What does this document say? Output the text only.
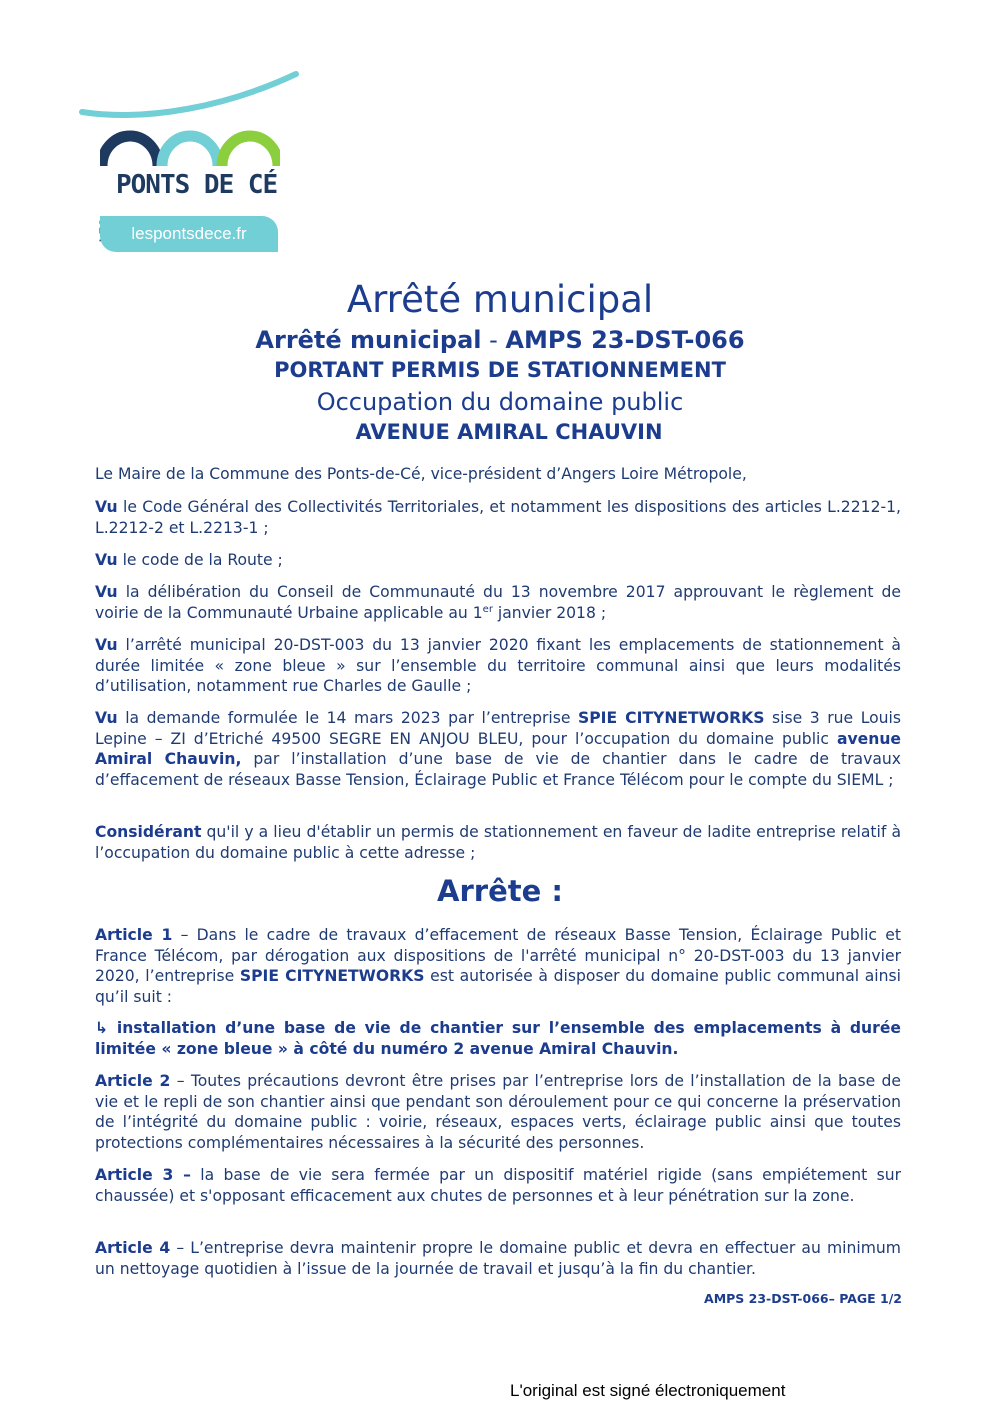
PONTS DE CÉ
lespontsdece.fr
Arrêté municipal
Arrêté municipal - AMPS 23-DST-066
PORTANT PERMIS DE STATIONNEMENT
Occupation du domaine public
AVENUE AMIRAL CHAUVIN
Le Maire de la Commune des Ponts-de-Cé, vice-président d’Angers Loire Métropole,
Vu le Code Général des Collectivités Territoriales, et notamment les dispositions des articles L.2212-1, L.2212-2 et L.2213-1 ;
Vu le code de la Route ;
Vu la délibération du Conseil de Communauté du 13 novembre 2017 approuvant le règlement de voirie de la Communauté Urbaine applicable au 1er janvier 2018 ;
Vu l’arrêté municipal 20-DST-003 du 13 janvier 2020 fixant les emplacements de stationnement à durée limitée « zone bleue » sur l’ensemble du territoire communal ainsi que leurs modalités d’utilisation, notamment rue Charles de Gaulle ;
Vu la demande formulée le 14 mars 2023 par l’entreprise SPIE CITYNETWORKS sise 3 rue Louis Lepine – ZI d’Etriché 49500 SEGRE EN ANJOU BLEU, pour l’occupation du domaine public avenue Amiral Chauvin, par l’installation d’une base de vie de chantier dans le cadre de travaux d’effacement de réseaux Basse Tension, Éclairage Public et France Télécom pour le compte du SIEML ;
Considérant qu'il y a lieu d'établir un permis de stationnement en faveur de ladite entreprise relatif à l’occupation du domaine public à cette adresse ;
Arrête :
Article 1 – Dans le cadre de travaux d’effacement de réseaux Basse Tension, Éclairage Public et France Télécom, par dérogation aux dispositions de l'arrêté municipal n° 20-DST-003 du 13 janvier 2020, l’entreprise SPIE CITYNETWORKS est autorisée à disposer du domaine public communal ainsi qu’il suit :
↳ installation d’une base de vie de chantier sur l’ensemble des emplacements à durée limitée « zone bleue » à côté du numéro 2 avenue Amiral Chauvin.
Article 2 – Toutes précautions devront être prises par l’entreprise lors de l’installation de la base de vie et le repli de son chantier ainsi que pendant son déroulement pour ce qui concerne la préservation de l’intégrité du domaine public : voirie, réseaux, espaces verts, éclairage public ainsi que toutes protections complémentaires nécessaires à la sécurité des personnes.
Article 3 – la base de vie sera fermée par un dispositif matériel rigide (sans empiétement sur chaussée) et s'opposant efficacement aux chutes de personnes et à leur pénétration sur la zone.
Article 4 – L’entreprise devra maintenir propre le domaine public et devra en effectuer au minimum un nettoyage quotidien à l’issue de la journée de travail et jusqu’à la fin du chantier.
AMPS 23-DST-066– PAGE 1/2
L'original est signé électroniquement
